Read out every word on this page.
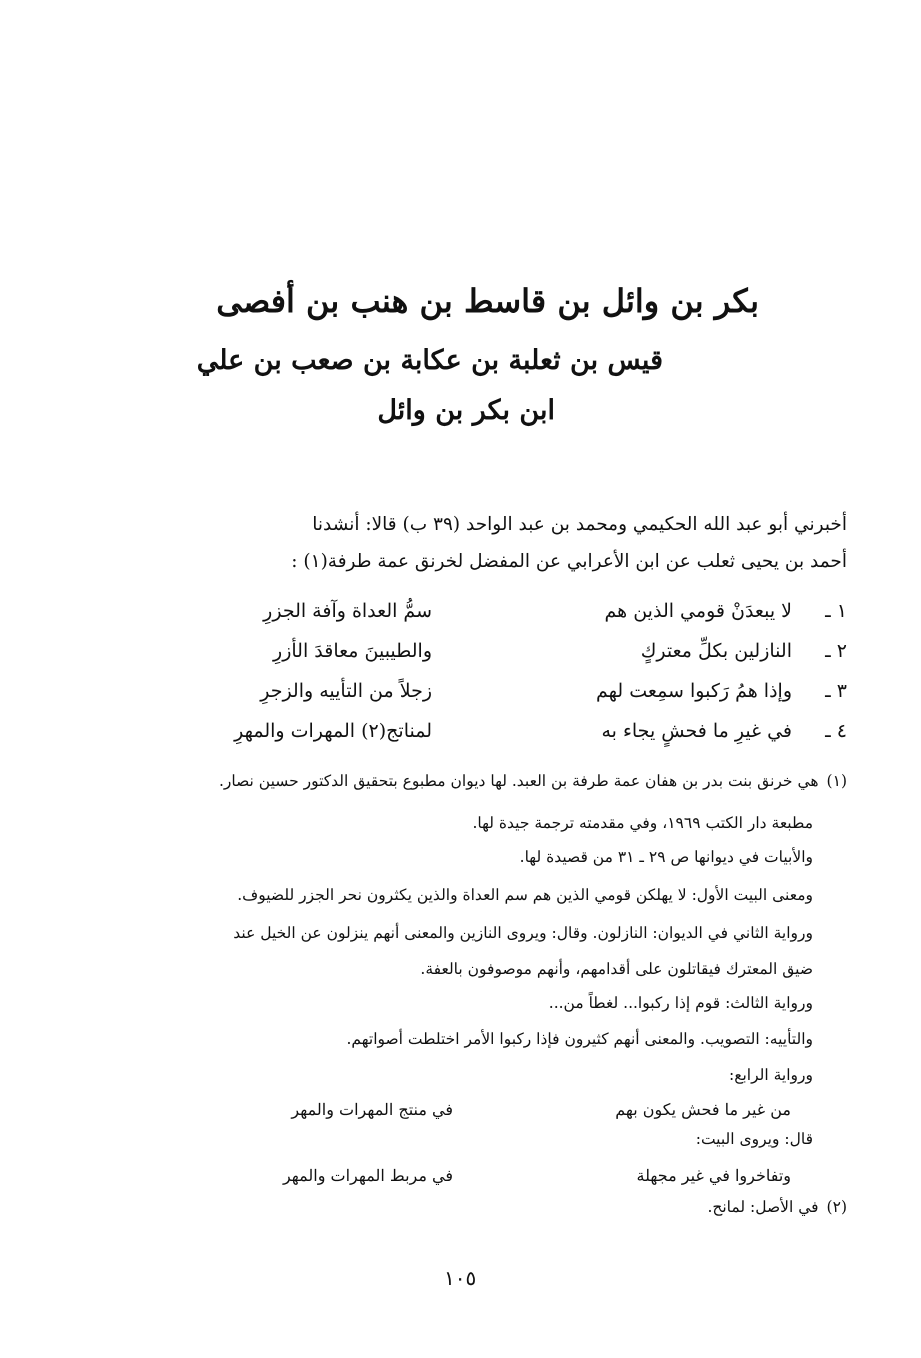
بكر بن وائل بن قاسط بن هنب بن أفصى
قيس بن ثعلبة بن عكابة بن صعب بن علي
ابن بكر بن وائل
أخبرني أبو عبد الله الحكيمي ومحمد بن عبد الواحد (٣٩ ب) قالا: أنشدنا
أحمد بن يحيى ثعلب عن ابن الأعرابي عن المفضل لخرنق عمة طرفة(١) :
١ ـ
لا يبعدَنْ قومي الذين هم
سمُّ العداة وآفة الجزرِ
٢ ـ
النازلين بكلِّ معتركٍ
والطيبينَ معاقدَ الأزرِ
٣ ـ
وإذا همُ رَكبوا سمِعت لهم
زجلاً من التأييه والزجرِ
٤ ـ
في غيرِ ما فحشٍ يجاء به
لمناتج(٢) المهرات والمهرِ
(١)هي خرنق بنت بدر بن هفان عمة طرفة بن العبد. لها ديوان مطبوع بتحقيق الدكتور حسين نصار.
مطبعة دار الكتب ١٩٦٩، وفي مقدمته ترجمة جيدة لها.
والأبيات في ديوانها ص ٢٩ ـ ٣١ من قصيدة لها.
ومعنى البيت الأول: لا يهلكن قومي الذين هم سم العداة والذين يكثرون نحر الجزر للضيوف.
ورواية الثاني في الديوان: النازلون. وقال: ويروى النازين والمعنى أنهم ينزلون عن الخيل عند
ضيق المعترك فيقاتلون على أقدامهم، وأنهم موصوفون بالعفة.
ورواية الثالث: قوم إذا ركبوا... لغطاً من...
والتأييه: التصويب. والمعنى أنهم كثيرون فإذا ركبوا الأمر اختلطت أصواتهم.
ورواية الرابع:
من غير ما فحش يكون بهم
في منتج المهرات والمهر
قال: ويروى البيت:
وتفاخروا في غير مجهلة
في مربط المهرات والمهر
(٢)في الأصل: لمانح.
١٠٥
